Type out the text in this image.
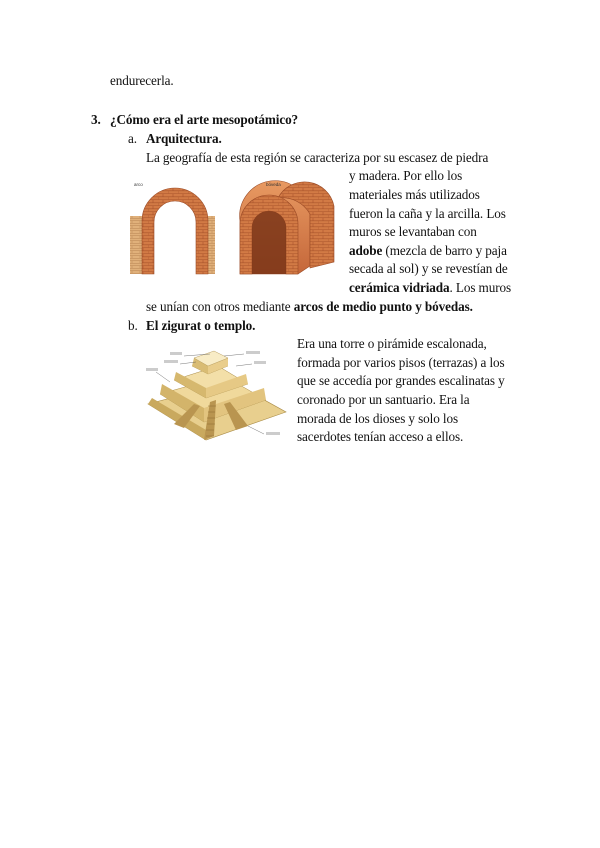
endurecerla.
3. ¿Cómo era el arte mesopotámico?
a. Arquitectura.
La geografía de esta región se caracteriza por su escasez de piedra
y madera. Por ello los
materiales más utilizados
fueron la caña y la arcilla. Los
muros se levantaban con
adobe (mezcla de barro y paja
secada al sol) y se revestían de
cerámica vidriada. Los muros
se unían con otros mediante arcos de medio punto y bóvedas.
arco	bóveda
b. El zigurat o templo.
Era una torre o pirámide escalonada,
formada por varios pisos (terrazas) a los
que se accedía por grandes escalinatas y
coronado por un santuario. Era la
morada de los dioses y solo los
sacerdotes tenían acceso a ellos.
